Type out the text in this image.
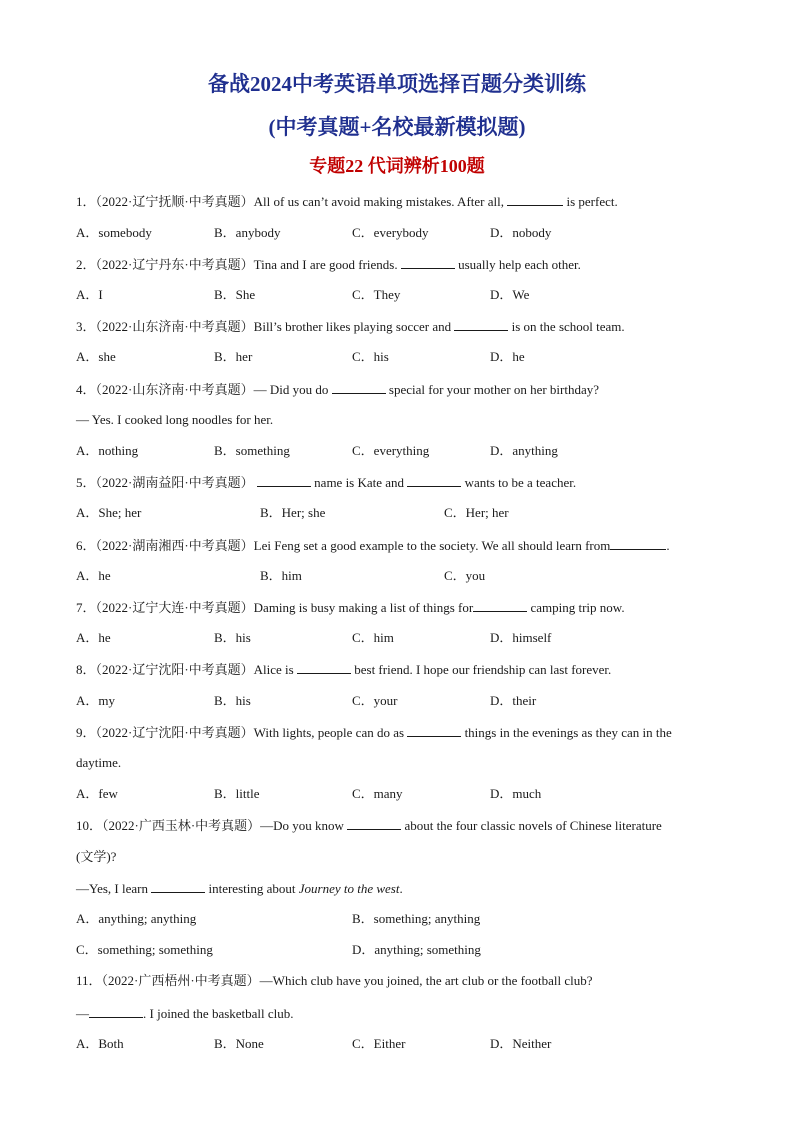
备战2024中考英语单项选择百题分类训练
(中考真题+名校最新模拟题)
专题22 代词辨析100题
1．（2022·辽宁抚顺·中考真题）All of us can’t avoid making mistakes. After all,	is perfect.
A．somebody	B．anybody	C．everybody	D．nobody
2．（2022·辽宁丹东·中考真题）Tina and I are good friends.	usually help each other.
A．I	B．She	C．They	D．We
3．（2022·山东济南·中考真题）Bill’s brother likes playing soccer and	is on the school team.
A．she	B．her	C．his	D．he
4．（2022·山东济南·中考真题）— Did you do	special for your mother on her birthday?
— Yes. I cooked long noodles for her.
A．nothing	B．something	C．everything	D．anything
5．（2022·湖南益阳·中考真题）	name is Kate and	wants to be a teacher.
A．She; her	B．Her; she	C．Her; her
6．（2022·湖南湘西·中考真题）Lei Feng set a good example to the society. We all should learn from	.
A．he	B．him	C．you
7．（2022·辽宁大连·中考真题）Daming is busy making a list of things for	camping trip now.
A．he	B．his	C．him	D．himself
8．（2022·辽宁沈阳·中考真题）Alice is	best friend. I hope our friendship can last forever.
A．my	B．his	C．your	D．their
9．（2022·辽宁沈阳·中考真题）With lights, people can do as	things in the evenings as they can in the
daytime.
A．few	B．little	C．many	D．much
10．（2022·广西玉林·中考真题）—Do you know	about the four classic novels of Chinese literature
(文学)?
—Yes, I learn	interesting about Journey to the west.
A．anything; anything	B．something; anything
C．something; something	D．anything; something
11．（2022·广西梧州·中考真题）—Which club have you joined, the art club or the football club?
—	. I joined the basketball club.
A．Both	B．None	C．Either	D．Neither
